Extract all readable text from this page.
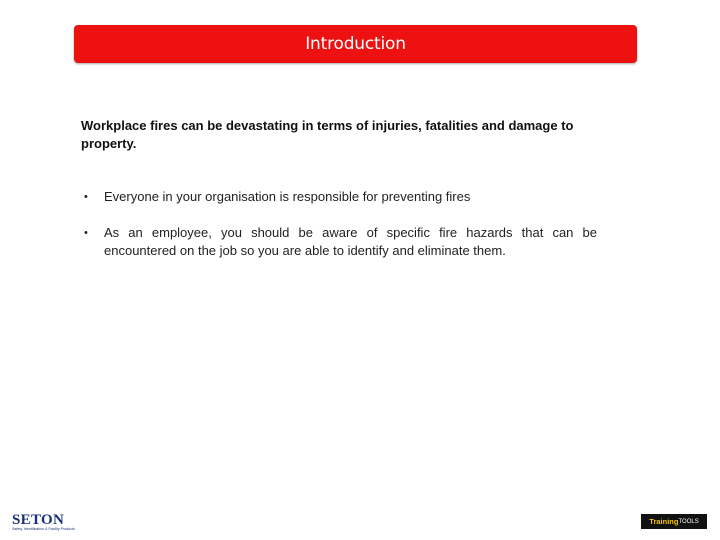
Introduction

Workplace fires can be devastating in terms of injuries, fatalities and damage to property.

• Everyone in your organisation is responsible for preventing fires
• As an employee, you should be aware of specific fire hazards that can be encountered on the job so you are able to identify and eliminate them.
SETON
Safety, Identification & Facility Products
Training TOOLS
